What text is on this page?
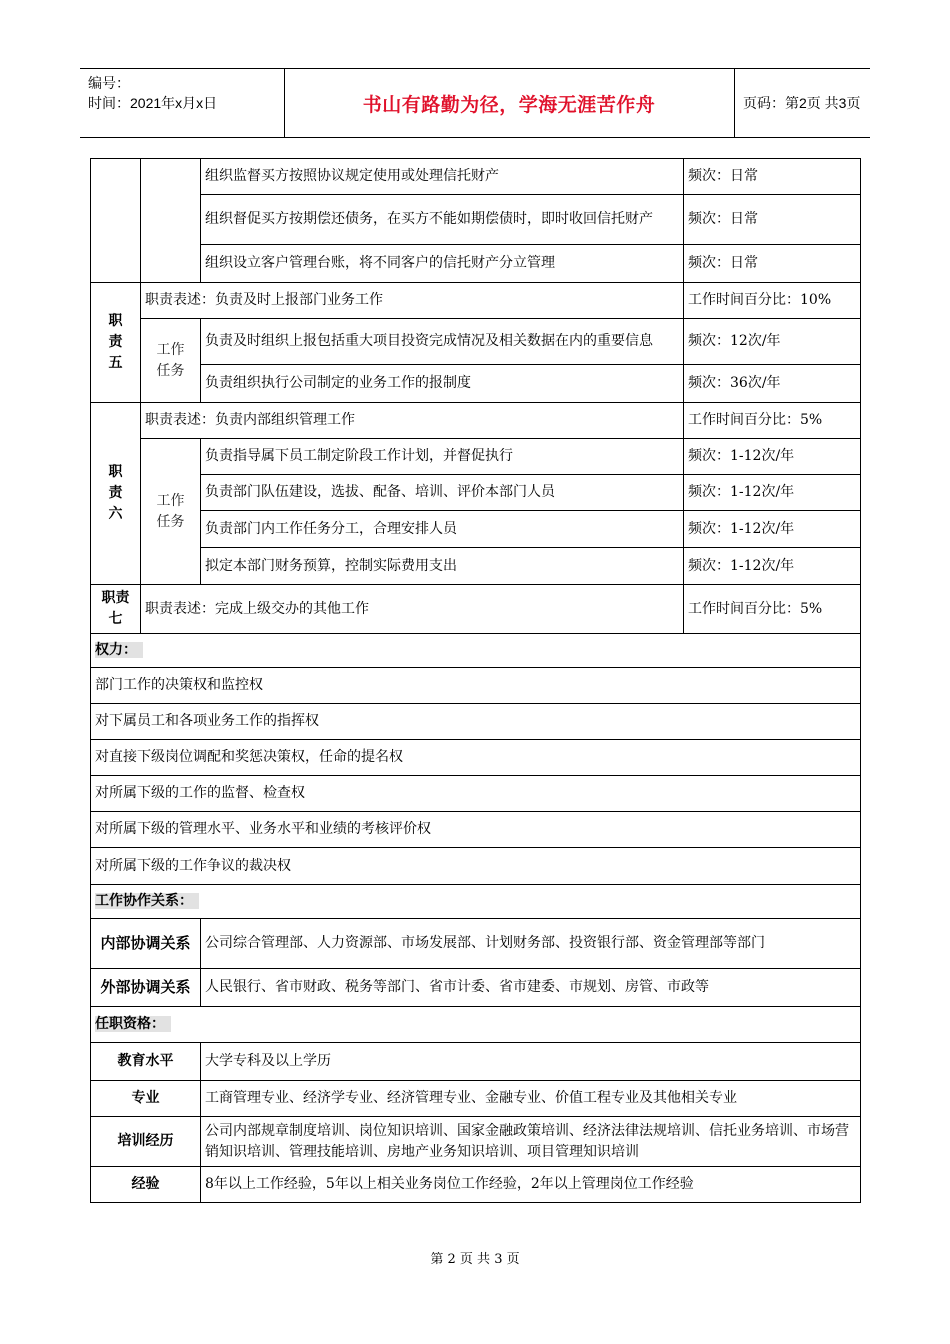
编号：
时间：2021年x月x日	书山有路勤为径，学海无涯苦作舟	页码：第2页 共3页
		组织监督买方按照协议规定使用或处理信托财产	频次：日常
		组织督促买方按期偿还债务，在买方不能如期偿债时，即时收回信托财产	频次：日常
		组织设立客户管理台账，将不同客户的信托财产分立管理	频次：日常
职责五	职责表述：负责及时上报部门业务工作		工作时间百分比：10%
	工作任务	负责及时组织上报包括重大项目投资完成情况及相关数据在内的重要信息	频次：12次/年
		负责组织执行公司制定的业务工作的报制度	频次：36次/年
职责六	职责表述：负责内部组织管理工作		工作时间百分比：5%
	工作任务	负责指导属下员工制定阶段工作计划，并督促执行	频次：1-12次/年
		负责部门队伍建设，选拔、配备、培训、评价本部门人员	频次：1-12次/年
		负责部门内工作任务分工，合理安排人员	频次：1-12次/年
		拟定本部门财务预算，控制实际费用支出	频次：1-12次/年
职责七	职责表述：完成上级交办的其他工作		工作时间百分比：5%
权力：			
部门工作的决策权和监控权			
对下属员工和各项业务工作的指挥权			
对直接下级岗位调配和奖惩决策权，任命的提名权			
对所属下级的工作的监督、检查权			
对所属下级的管理水平、业务水平和业绩的考核评价权			
对所属下级的工作争议的裁决权			
工作协作关系：			
内部协调关系		公司综合管理部、人力资源部、市场发展部、计划财务部、投资银行部、资金管理部等部门	
外部协调关系		人民银行、省市财政、税务等部门、省市计委、省市建委、市规划、房管、市政等	
任职资格：			
教育水平		大学专科及以上学历	
专业		工商管理专业、经济学专业、经济管理专业、金融专业、价值工程专业及其他相关专业	
培训经历		公司内部规章制度培训、岗位知识培训、国家金融政策培训、经济法律法规培训、信托业务培训、市场营销知识培训、管理技能培训、房地产业务知识培训、项目管理知识培训	
经验		8年以上工作经验，5年以上相关业务岗位工作经验，2年以上管理岗位工作经验	
第 2 页 共 3 页
